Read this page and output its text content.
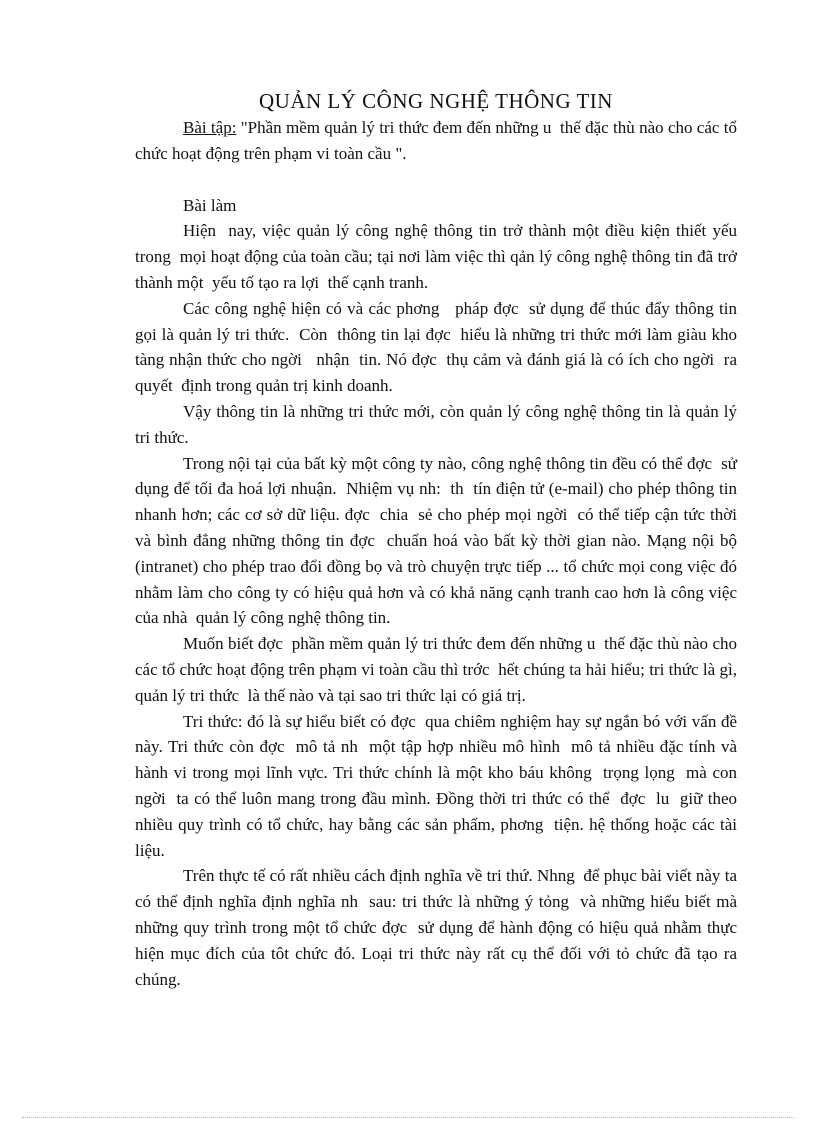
QUẢN LÝ CÔNG NGHỆ THÔNG TIN

Bài tập: "Phần mềm quản lý tri thức đem đến những u  thế đặc thù nào cho các tổ chức hoạt động trên phạm vi toàn cầu ".

Bài làm

Hiện  nay, việc quản lý công nghệ thông tin trở thành một điều kiện thiết yếu trong  mọi hoạt động của toàn cầu; tại nơi làm việc thì qản lý công nghệ thông tin đã trở thành một  yếu tố tạo ra lợi  thế cạnh tranh.

Các công nghệ hiện có và các phơng   pháp đợc  sử dụng để thúc đẩy thông tin gọi là quản lý tri thức.  Còn  thông tin lại đợc  hiểu là những tri thức mới làm giàu kho tàng nhận thức cho ngời   nhận  tin. Nó đợc  thụ cảm và đánh giá là có ích cho ngời  ra quyết  định trong quản trị kinh doanh.

Vậy thông tin là những tri thức mới, còn quản lý công nghệ thông tin là quản lý tri thức.

Trong nội tại của bất kỳ một công ty nào, công nghệ thông tin đều có thể đợc  sử dụng để tối đa hoá lợi nhuận.  Nhiệm vụ nh:  th  tín điện tử (e-mail) cho phép thông tin nhanh hơn; các cơ sở dữ liệu. đợc  chia  sẻ cho phép mọi ngời  có thể tiếp cận tức thời và bình đẳng những thông tin đợc  chuẩn hoá vào bất kỳ thời gian nào. Mạng nội bộ (intranet) cho phép trao đổi đồng bọ và trò chuyện trực tiếp ... tổ chức mọi cong việc đó nhằm làm cho công ty có hiệu quả hơn và có khả năng cạnh tranh cao hơn là công việc của nhà  quản lý công nghệ thông tin.

Muốn biết đợc  phần mềm quản lý tri thức đem đến những u  thế đặc thù nào cho các tổ chức hoạt động trên phạm vi toàn cầu thì trớc  hết chúng ta hải hiểu; tri thức là gì, quản lý tri thức  là thế nào và tại sao tri thức lại có giá trị.

Tri thức: đó là sự hiểu biết có đợc  qua chiêm nghiệm hay sự ngắn bó với vấn đề này. Tri thức còn đợc  mô tả nh  một tập hợp nhiều mô hình  mô tả nhiều đặc tính và hành vi trong mọi lĩnh vực. Tri thức chính là một kho báu không  trọng lọng  mà con ngời  ta có thể luôn mang trong đầu mình. Đồng thời tri thức có thể  đợc  lu  giữ theo nhiều quy trình có tổ chức, hay bằng các sản phẩm, phơng  tiện. hệ thống hoặc các tài liệu.

Trên thực tế có rất nhiều cách định nghĩa về tri thứ. Nhng  để phục bài viết này ta có thể định nghĩa định nghĩa nh  sau: tri thức là những ý tỏng  và những hiểu biết mà những quy trình trong một tổ chức đợc  sử dụng để hành động có hiệu quả nhằm thực hiện mục đích của tôt chức đó. Loại tri thức này rất cụ thể đối với tỏ chức đã tạo ra chúng.
